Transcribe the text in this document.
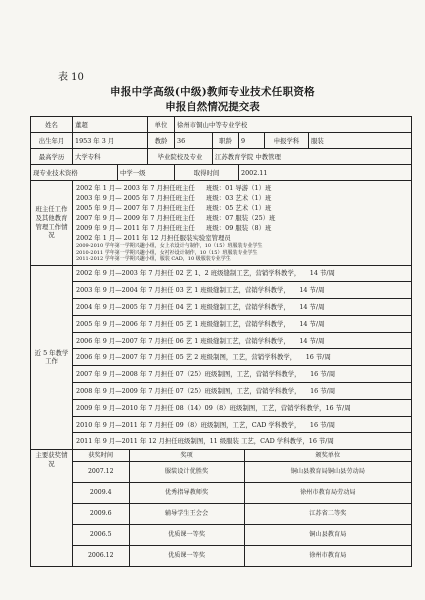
表 10
申报中学高级(中级)教师专业技术任职资格
申报自然情况提交表
姓名	董超	单位	徐州市铜山中等专业学校
出生年月	1953 年 3 月	教龄	36	职龄	9	申报学科	服装
最高学历	大学专科	毕业院校及专业	江苏教育学院 中教管理
现专业技术资格	中学一级	取得时间	2002.11
班主任工作及其他教育管理工作情况	
2002 年 1 月— 2003 年 7 月担任班主任	班级：01 导游（1）班
2003 年 9 月— 2005 年 7 月担任班主任	班级：03 艺术（1）班
2005 年 9 月— 2007 年 7 月担任班主任	班级：05 艺术（1）班
2007 年 9 月— 2009 年 7 月担任班主任	班级：07 服装（25）班
2009 年 9 月— 2011 年 7 月担任班主任	班级：09 服装（8）班
2002 年 1 月— 2011 年 12 月担任服装实验室管理员
2009-2010 学年第一学期兴趣小组，女上衣设计与制作，10（15）班服装专业学生
2010-2011 学年第一学期兴趣小组，女衬衫设计制作，10（15）班服装专业学生
2011-2012 学年第一学期兴趣小组，服装 CAD，10 级服装专业学生

近 5 年教学工作	
2002 年 9 月—2003 年 7 月担任 02 艺 1、2 班级缝制工艺，营销学科教学，　　14 节/周
2003 年 9 月—2004 年 7 月担任 03 艺 1 班级缝制工艺，营销学科教学，　　14 节/周
2004 年 9 月—2005 年 7 月担任 04 艺 1 班级缝制工艺，营销学科教学，　　14 节/周
2005 年 9 月—2006 年 7 月担任 05 艺 1 班级缝制工艺，营销学科教学，　　14 节/周
2006 年 9 月—2007 年 7 月担任 06 艺 1 班级缝制工艺，营销学科教学，　　14 节/周
2006 年 9 月—2007 年 7 月担任 05 艺 2 班级制图，工艺，营销学科教学，　　16 节/周
2007 年 9 月—2008 年 7 月担任 07（25）班级制图，工艺，营销学科教学，　　16 节/周
2008 年 9 月—2009 年 7 月担任 07（25）班级制图，工艺，营销学科教学，　　16 节/周
2009 年 9 月—2010 年 7 月担任 08（14）09（8）班级制图，工艺，营销学科教学，16 节/周
2010 年 9 月—2011 年 7 月担任 09（8）班级制图，工艺，CAD 学科教学，　　16 节/周
2011 年 9 月—2011 年 12 月担任班级制图，11 级服装 工艺，CAD 学科教学，16 节/周

主要获奖情况	
获奖时间	奖项	颁奖单位
2007.12	服装设计优胜奖	铜山县教育局铜山县劳动局
2009.4	优秀指导教师奖	徐州市教育局劳动局
2009.6	辅导学生王会会	江苏省二等奖
2006.5	优质课一等奖	铜山县教育局
2006.12	优质课一等奖	徐州市教育局
